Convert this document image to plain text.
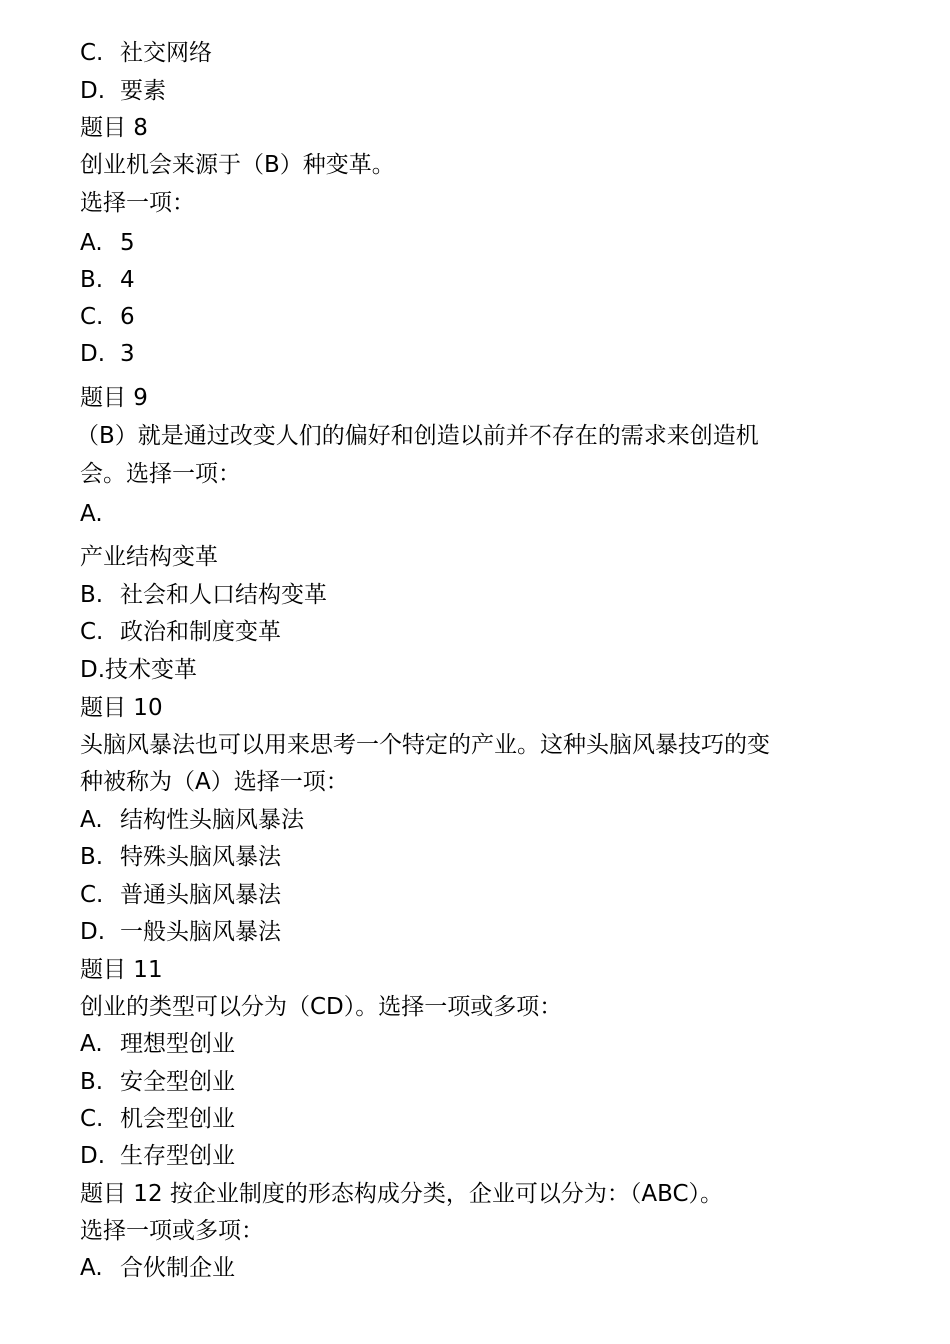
C. 社交网络
D. 要素
题目 8
创业机会来源于（B）种变革。
选择一项：
A. 5
B. 4
C. 6
D. 3
题目 9
（B）就是通过改变人们的偏好和创造以前并不存在的需求来创造机
会。选择一项：
A.
产业结构变革
B. 社会和人口结构变革
C. 政治和制度变革
D.技术变革
题目 10
头脑风暴法也可以用来思考一个特定的产业。这种头脑风暴技巧的变
种被称为（A）选择一项：
A. 结构性头脑风暴法
B. 特殊头脑风暴法
C. 普通头脑风暴法
D. 一般头脑风暴法
题目 11
创业的类型可以分为（CD）。选择一项或多项：
A. 理想型创业
B. 安全型创业
C. 机会型创业
D. 生存型创业
题目 12 按企业制度的形态构成分类，企业可以分为：（ABC）。
选择一项或多项：
A. 合伙制企业
